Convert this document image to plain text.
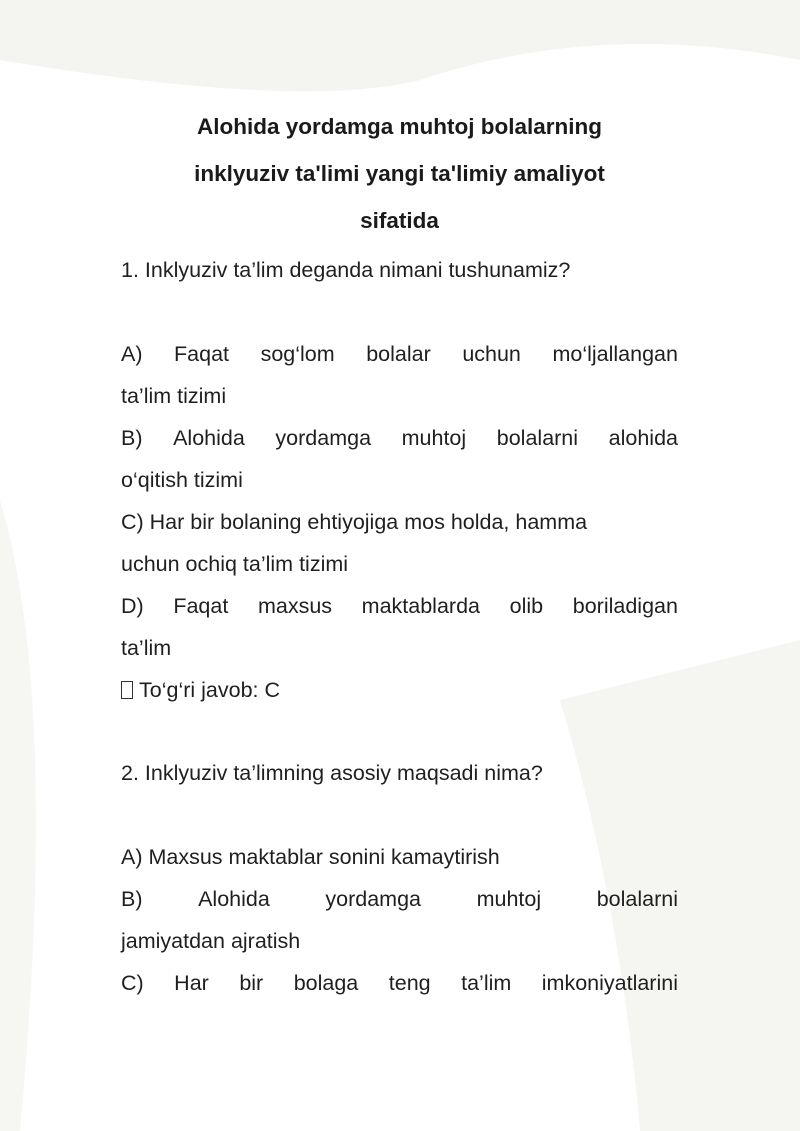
Alohida yordamga muhtoj bolalarning
inklyuziv ta'limi yangi ta'limiy amaliyot
sifatida
1. Inklyuziv ta’lim deganda nimani tushunamiz?
A) Faqat sog‘lom bolalar uchun mo‘ljallangan
ta’lim tizimi
B) Alohida yordamga muhtoj bolalarni alohida
o‘qitish tizimi
C) Har bir bolaning ehtiyojiga mos holda, hamma
uchun ochiq ta’lim tizimi
D) Faqat maxsus maktablarda olib boriladigan
ta’lim
To‘g‘ri javob: C
2. Inklyuziv ta’limning asosiy maqsadi nima?
A) Maxsus maktablar sonini kamaytirish
B)	Alohida	yordamga	muhtoj	bolalarni
jamiyatdan ajratish
C) Har bir bolaga teng ta’lim imkoniyatlarini
